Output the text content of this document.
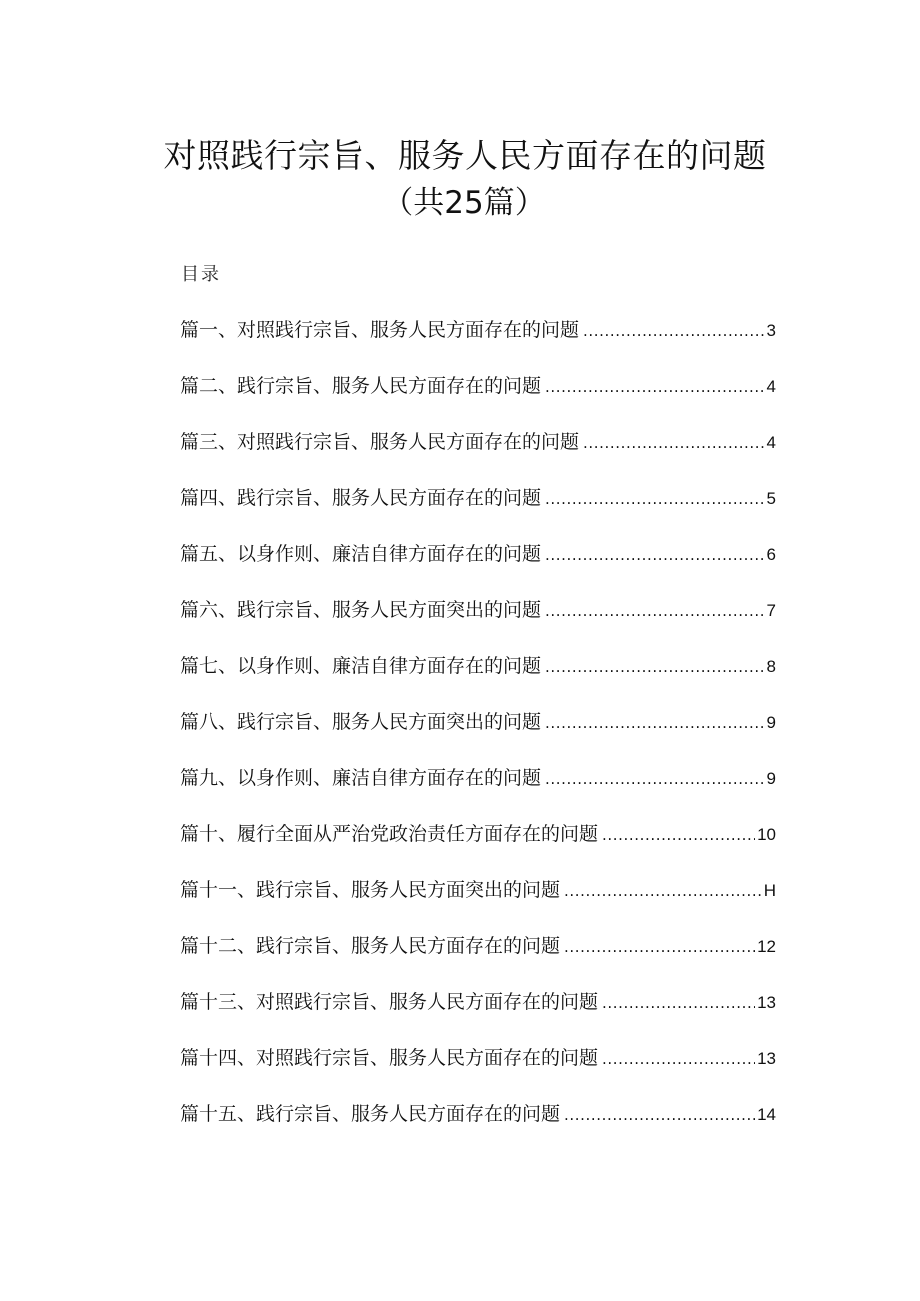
对照践行宗旨、服务人民方面存在的问题
（共25篇）
目录
篇一、对照践行宗旨、服务人民方面存在的问题 .....	3
篇二、践行宗旨、服务人民方面存在的问题 .....	4
篇三、对照践行宗旨、服务人民方面存在的问题 .....	4
篇四、践行宗旨、服务人民方面存在的问题 .....	5
篇五、以身作则、廉洁自律方面存在的问题 .....	6
篇六、践行宗旨、服务人民方面突出的问题 .....	7
篇七、以身作则、廉洁自律方面存在的问题 .....	8
篇八、践行宗旨、服务人民方面突出的问题 .....	9
篇九、以身作则、廉洁自律方面存在的问题 .....	9
篇十、履行全面从严治党政治责任方面存在的问题 .....	10
篇十一、践行宗旨、服务人民方面突出的问题 .....	H
篇十二、践行宗旨、服务人民方面存在的问题 .....	12
篇十三、对照践行宗旨、服务人民方面存在的问题 .....	13
篇十四、对照践行宗旨、服务人民方面存在的问题 .....	13
篇十五、践行宗旨、服务人民方面存在的问题 .....	14
